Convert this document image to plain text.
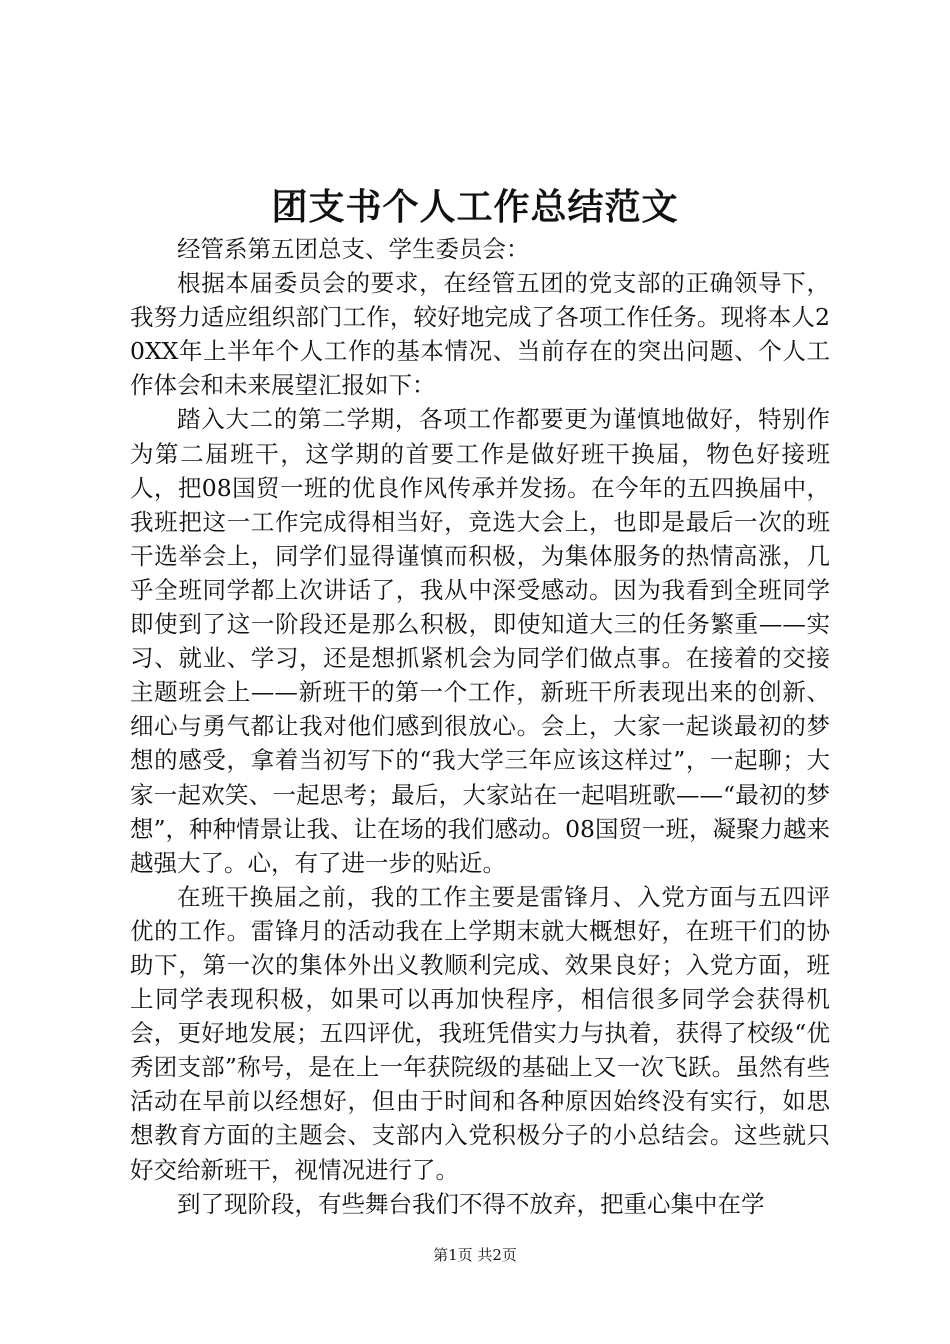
团支书个人工作总结范文

经管系第五团总支、学生委员会：

根据本届委员会的要求，在经管五团的党支部的正确领导下，我努力适应组织部门工作，较好地完成了各项工作任务。现将本人20XX年上半年个人工作的基本情况、当前存在的突出问题、个人工作体会和未来展望汇报如下：

踏入大二的第二学期，各项工作都要更为谨慎地做好，特别作为第二届班干，这学期的首要工作是做好班干换届，物色好接班人，把08国贸一班的优良作风传承并发扬。在今年的五四换届中，我班把这一工作完成得相当好，竞选大会上，也即是最后一次的班干选举会上，同学们显得谨慎而积极，为集体服务的热情高涨，几乎全班同学都上次讲话了，我从中深受感动。因为我看到全班同学即使到了这一阶段还是那么积极，即使知道大三的任务繁重——实习、就业、学习，还是想抓紧机会为同学们做点事。在接着的交接主题班会上——新班干的第一个工作，新班干所表现出来的创新、细心与勇气都让我对他们感到很放心。会上，大家一起谈最初的梦想的感受，拿着当初写下的“我大学三年应该这样过”，一起聊；大家一起欢笑、一起思考；最后，大家站在一起唱班歌——“最初的梦想”，种种情景让我、让在场的我们感动。08国贸一班，凝聚力越来越强大了。心，有了进一步的贴近。

在班干换届之前，我的工作主要是雷锋月、入党方面与五四评优的工作。雷锋月的活动我在上学期末就大概想好，在班干们的协助下，第一次的集体外出义教顺利完成、效果良好；入党方面，班上同学表现积极，如果可以再加快程序，相信很多同学会获得机会，更好地发展；五四评优，我班凭借实力与执着，获得了校级“优秀团支部”称号，是在上一年获院级的基础上又一次飞跃。虽然有些活动在早前以经想好，但由于时间和各种原因始终没有实行，如思想教育方面的主题会、支部内入党积极分子的小总结会。这些就只好交给新班干，视情况进行了。

到了现阶段，有些舞台我们不得不放弃，把重心集中在学

第1页 共2页
